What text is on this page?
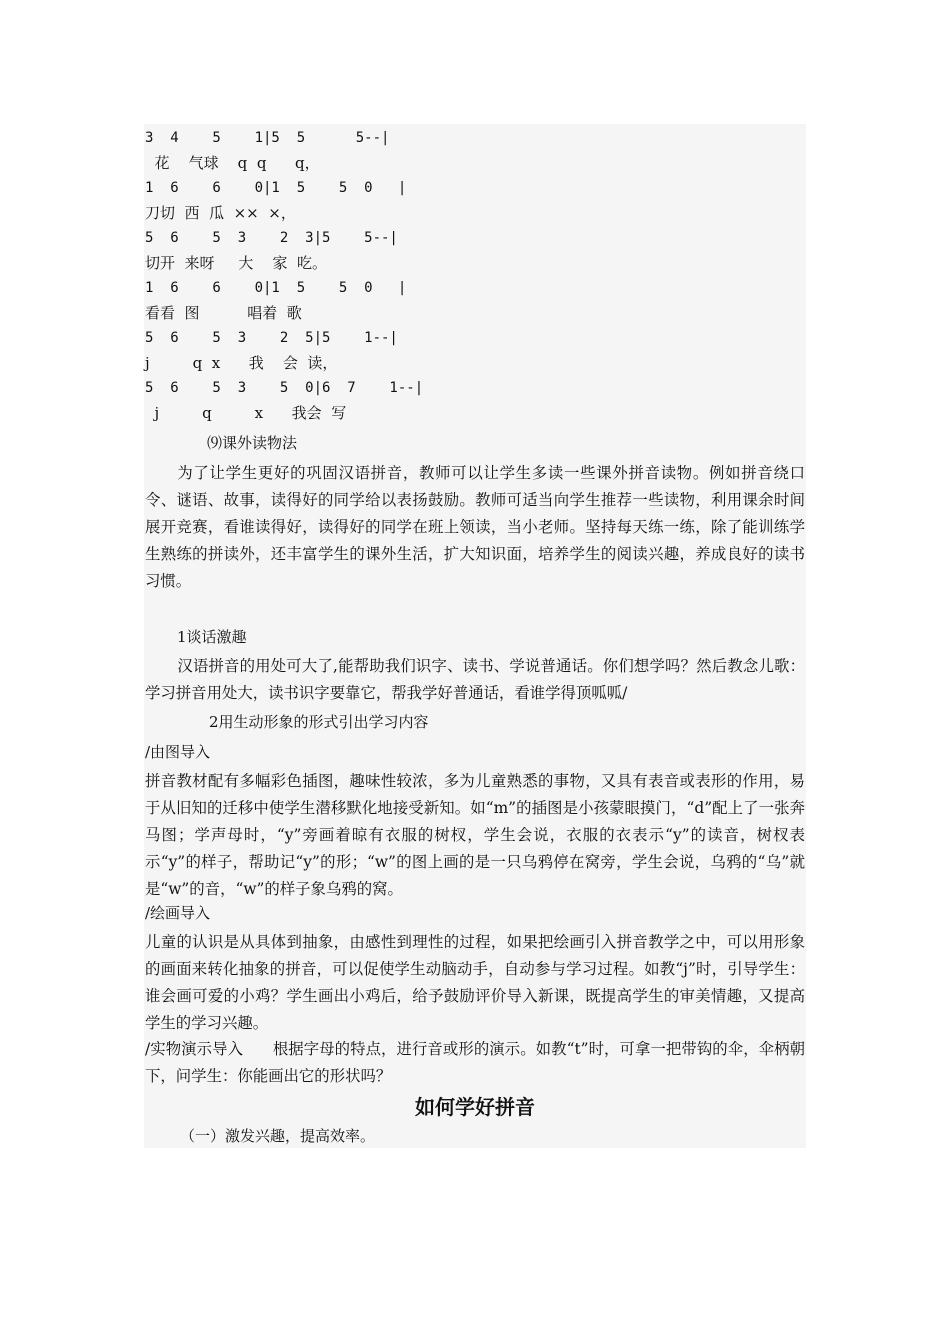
3  4    5    1|5  5      5--|
花    气球    q  q      q，
1  6    6    0|1  5    5  0   |
刀切  西  瓜  ××  ×，
5  6    5  3    2  3|5    5--|
切开  来呀     大    家  吃。
1  6    6    0|1  5    5  0   |
看看  图          唱着  歌
5  6    5  3    2  5|5    1--|
j         q  x      我    会  读，
5  6    5  3    5  0|6  7    1--|
j         q         x      我会  写
⑼课外读物法

为了让学生更好的巩固汉语拼音，教师可以让学生多读一些课外拼音读物。例如拼音绕口令、谜语、故事，读得好的同学给以表扬鼓励。教师可适当向学生推荐一些读物，利用课余时间展开竞赛，看谁读得好，读得好的同学在班上领读，当小老师。坚持每天练一练，除了能训练学生熟练的拼读外，还丰富学生的课外生活，扩大知识面，培养学生的阅读兴趣，养成良好的读书习惯。

1谈话激趣

汉语拼音的用处可大了,能帮助我们识字、读书、学说普通话。你们想学吗？然后教念儿歌：学习拼音用处大，读书识字要靠它，帮我学好普通话，看谁学得顶呱呱/

2用生动形象的形式引出学习内容
/由图导入

拼音教材配有多幅彩色插图，趣味性较浓，多为儿童熟悉的事物，又具有表音或表形的作用，易于从旧知的迁移中使学生潜移默化地接受新知。如“m”的插图是小孩蒙眼摸门，“d”配上了一张奔马图；学声母时，“y”旁画着晾有衣服的树杈，学生会说，衣服的衣表示“y”的读音，树杈表示“y”的样子，帮助记“y”的形；“w”的图上画的是一只乌鸦停在窝旁，学生会说，乌鸦的“乌”就是“w”的音，“w”的样子象乌鸦的窝。

/绘画导入

儿童的认识是从具体到抽象，由感性到理性的过程，如果把绘画引入拼音教学之中，可以用形象的画面来转化抽象的拼音，可以促使学生动脑动手，自动参与学习过程。如教“j”时，引导学生：谁会画可爱的小鸡？学生画出小鸡后，给予鼓励评价导入新课，既提高学生的审美情趣，又提高学生的学习兴趣。

/实物演示导入      根据字母的特点，进行音或形的演示。如教“t”时，可拿一把带钩的伞，伞柄朝下，问学生：你能画出它的形状吗？

如何学好拼音
（一）激发兴趣，提高效率。
